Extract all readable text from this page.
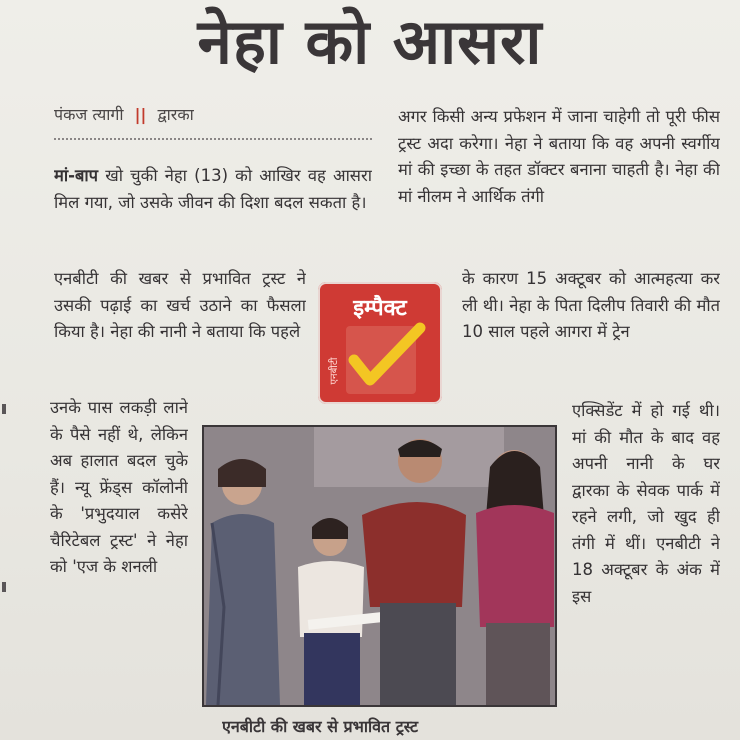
नेहा को आसरा
पंकज त्यागी || द्वारका

मां-बाप खो चुकी नेहा (13) को आखिर वह आसरा मिल गया, जो उसके जीवन की दिशा बदल सकता है।

एनबीटी की खबर से प्रभावित ट्रस्ट ने उसकी पढ़ाई का खर्च उठाने का फैसला किया है। नेहा की नानी ने बताया कि पहले
उनके पास लकड़ी लाने के पैसे नहीं थे, लेकिन अब हालात बदल चुके हैं। न्यू फ्रेंड्स कॉलोनी के 'प्रभुदयाल कसेरे चैरिटेबल ट्रस्ट' ने नेहा को 'एज के शनली
अगर किसी अन्य प्रफेशन में जाना चाहेगी तो पूरी फीस ट्रस्ट अदा करेगा। नेहा ने बताया कि वह अपनी स्वर्गीय मां की इच्छा के तहत डॉक्टर बनाना चाहती है। नेहा की मां नीलम ने आर्थिक तंगी
के कारण 15 अक्टूबर को आत्महत्या कर ली थी। नेहा के पिता दिलीप तिवारी की मौत 10 साल पहले आगरा में ट्रेन
एक्सिडेंट में हो गई थी। मां की मौत के बाद वह अपनी नानी के घर द्वारका के सेवक पार्क में रहने लगी, जो खुद ही तंगी में थीं। एनबीटी ने 18 अक्टूबर के अंक में इस
इम्पैक्ट
एनबीटी
एनबीटी की खबर से प्रभावित ट्रस्ट
